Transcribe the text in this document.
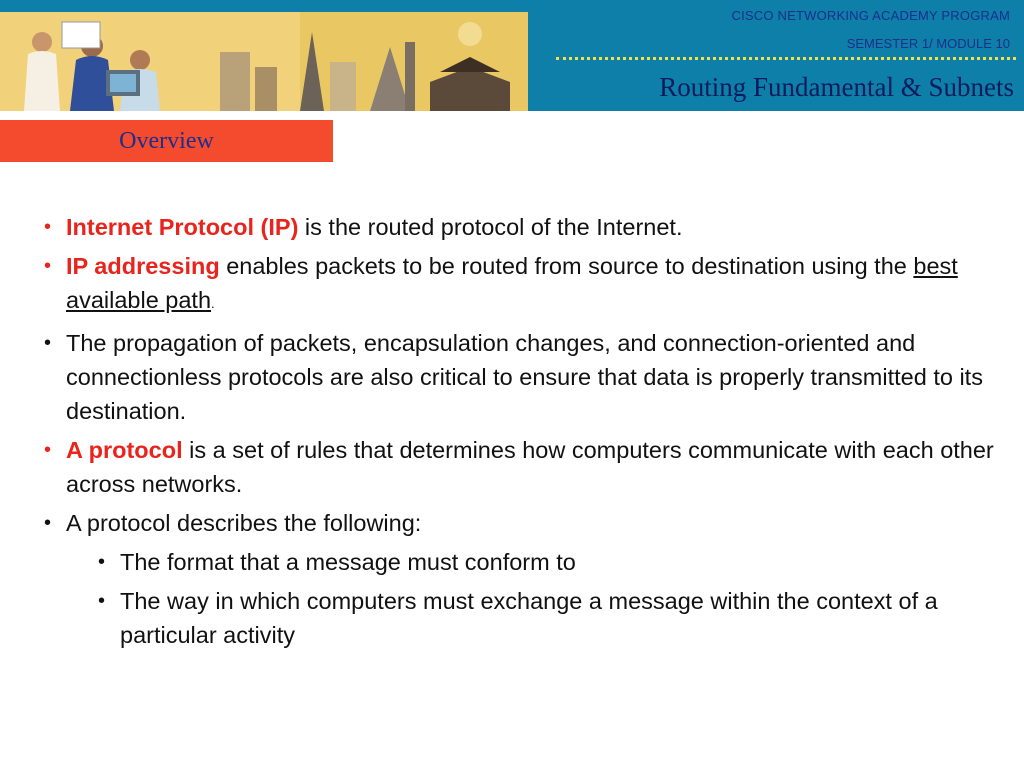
CISCO NETWORKING ACADEMY PROGRAM
SEMESTER 1/ MODULE 10
Routing Fundamental & Subnets
Overview
• Internet Protocol (IP) is the routed protocol of the Internet.
• IP addressing enables packets to be routed from source to destination using the best available path.
• The propagation of packets, encapsulation changes, and connection-oriented and connectionless protocols are also critical to ensure that data is properly transmitted to its destination.
• A protocol is a set of rules that determines how computers communicate with each other across networks.
• A protocol describes the following:
• The format that a message must conform to
• The way in which computers must exchange a message within the context of a particular activity
